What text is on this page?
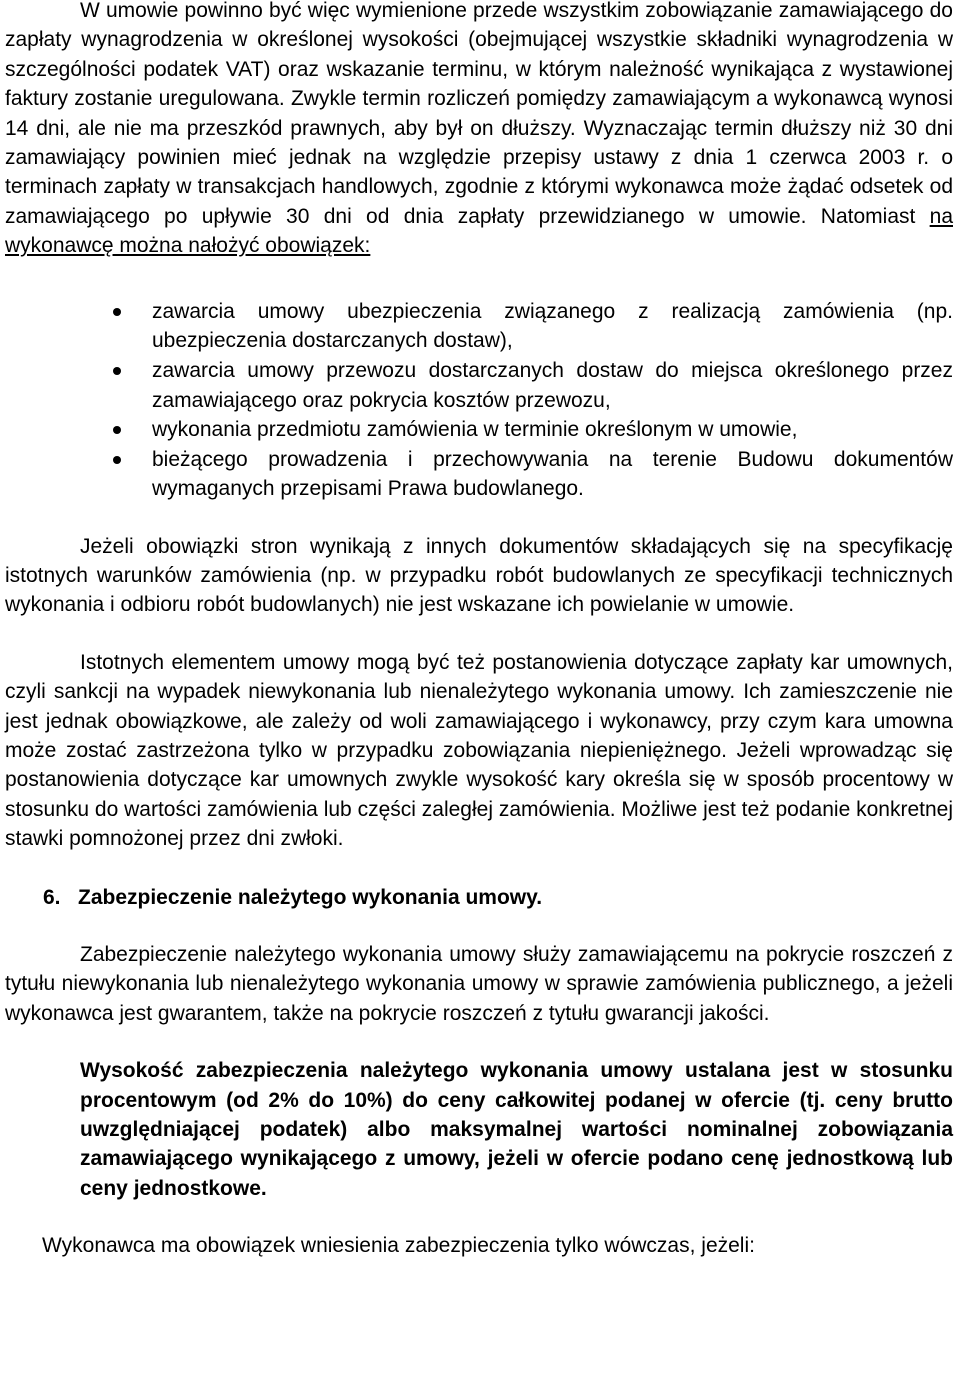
W umowie powinno być więc wymienione przede wszystkim zobowiązanie zamawiającego do zapłaty wynagrodzenia w określonej wysokości (obejmującej wszystkie składniki wynagrodzenia w szczególności podatek VAT) oraz wskazanie terminu, w którym należność wynikająca z wystawionej faktury zostanie uregulowana. Zwykle termin rozliczeń pomiędzy zamawiającym a wykonawcą wynosi 14 dni, ale nie ma przeszkód prawnych, aby był on dłuższy. Wyznaczając termin dłuższy niż 30 dni zamawiający powinien mieć jednak na względzie przepisy ustawy z dnia 1 czerwca 2003 r. o terminach zapłaty w transakcjach handlowych, zgodnie z którymi wykonawca może żądać odsetek od zamawiającego po upływie 30 dni od dnia zapłaty przewidzianego w umowie. Natomiast na wykonawcę można nałożyć obowiązek:

zawarcia umowy ubezpieczenia związanego z realizacją zamówienia (np. ubezpieczenia dostarczanych dostaw),
zawarcia umowy przewozu dostarczanych dostaw do miejsca określonego przez zamawiającego oraz pokrycia kosztów przewozu,
wykonania przedmiotu zamówienia w terminie określonym w umowie,
bieżącego prowadzenia i przechowywania na terenie Budowu dokumentów wymaganych przepisami Prawa budowlanego.

Jeżeli obowiązki stron wynikają z innych dokumentów składających się na specyfikację istotnych warunków zamówienia (np. w przypadku robót budowlanych ze specyfikacji technicznych wykonania i odbioru robót budowlanych) nie jest wskazane ich powielanie w umowie.

Istotnych elementem umowy mogą być też postanowienia dotyczące zapłaty kar umownych, czyli sankcji na wypadek niewykonania lub nienależytego wykonania umowy. Ich zamieszczenie nie jest jednak obowiązkowe, ale zależy od woli zamawiającego i wykonawcy, przy czym kara umowna może zostać zastrzeżona tylko w przypadku zobowiązania niepieniężnego. Jeżeli wprowadząc się postanowienia dotyczące kar umownych zwykle wysokość kary określa się w sposób procentowy w stosunku do wartości zamówienia lub części zaległej zamówienia. Możliwe jest też podanie konkretnej stawki pomnożonej przez dni zwłoki.

6. Zabezpieczenie należytego wykonania umowy.

Zabezpieczenie należytego wykonania umowy służy zamawiającemu na pokrycie roszczeń z tytułu niewykonania lub nienależytego wykonania umowy w sprawie zamówienia publicznego, a jeżeli wykonawca jest gwarantem, także na pokrycie roszczeń z tytułu gwarancji jakości.

Wysokość zabezpieczenia należytego wykonania umowy ustalana jest w stosunku procentowym (od 2% do 10%) do ceny całkowitej podanej w ofercie (tj. ceny brutto uwzględniającej podatek) albo maksymalnej wartości nominalnej zobowiązania zamawiającego wynikającego z umowy, jeżeli w ofercie podano cenę jednostkową lub ceny jednostkowe.

Wykonawca ma obowiązek wniesienia zabezpieczenia tylko wówczas, jeżeli:
